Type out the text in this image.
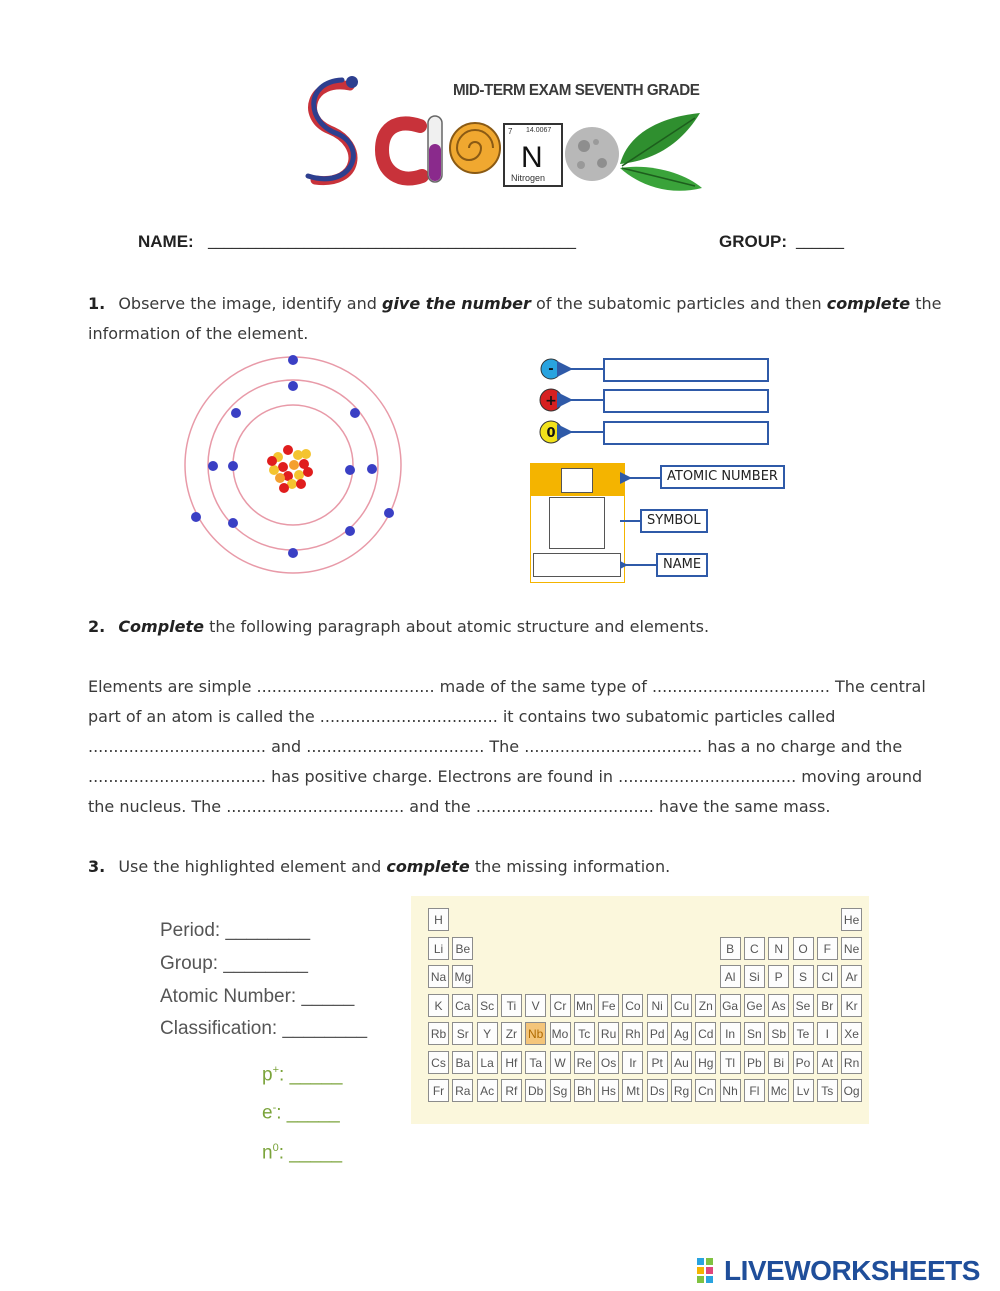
MID-TERM EXAM SEVENTH GRADE
7 14.0067
N
Nitrogen
NAME: ______________________________________________	GROUP: ______
1. Observe the image, identify and give the number of the subatomic particles and then complete the information of the element.
-
+
0
ATOMIC NUMBER
SYMBOL
NAME
2. Complete the following paragraph about atomic structure and elements.
Elements are simple ................................... made of the same type of ................................... The central part of an atom is called the ................................... it contains two subatomic particles called ................................... and ................................... The ................................... has a no charge and the ................................... has positive charge. Electrons are found in ................................... moving around the nucleus. The ................................... and the ................................... have the same mass.
3. Use the highlighted element and complete the missing information.
Period: ________
Group: ________
Atomic Number: _____
Classification: ________
p+: _____
e-: _____
$n^0$: _____
H	He
Li	Be	B	C	N	O	F	Ne
Na Mg	Al	Si	P	S	Cl	Ar
K	Ca Sc	Ti	V	Cr Mn Fe Co Ni Cu Zn Ga Ge As Se Br	Kr
Rb Sr	Y	Zr Nb Mo Tc Ru Rh Pd Ag Cd In Sn Sb Te	I	Xe
Cs Ba La Hf Ta	W Re Os	Ir	Pt Au Hg Tl Pb Bi Po At Rn
Fr Ra Ac Rf Db Sg Bh Hs Mt Ds Rg Cn Nh Fl Mc Lv Ts Og
LIVEWORKSHEETS
